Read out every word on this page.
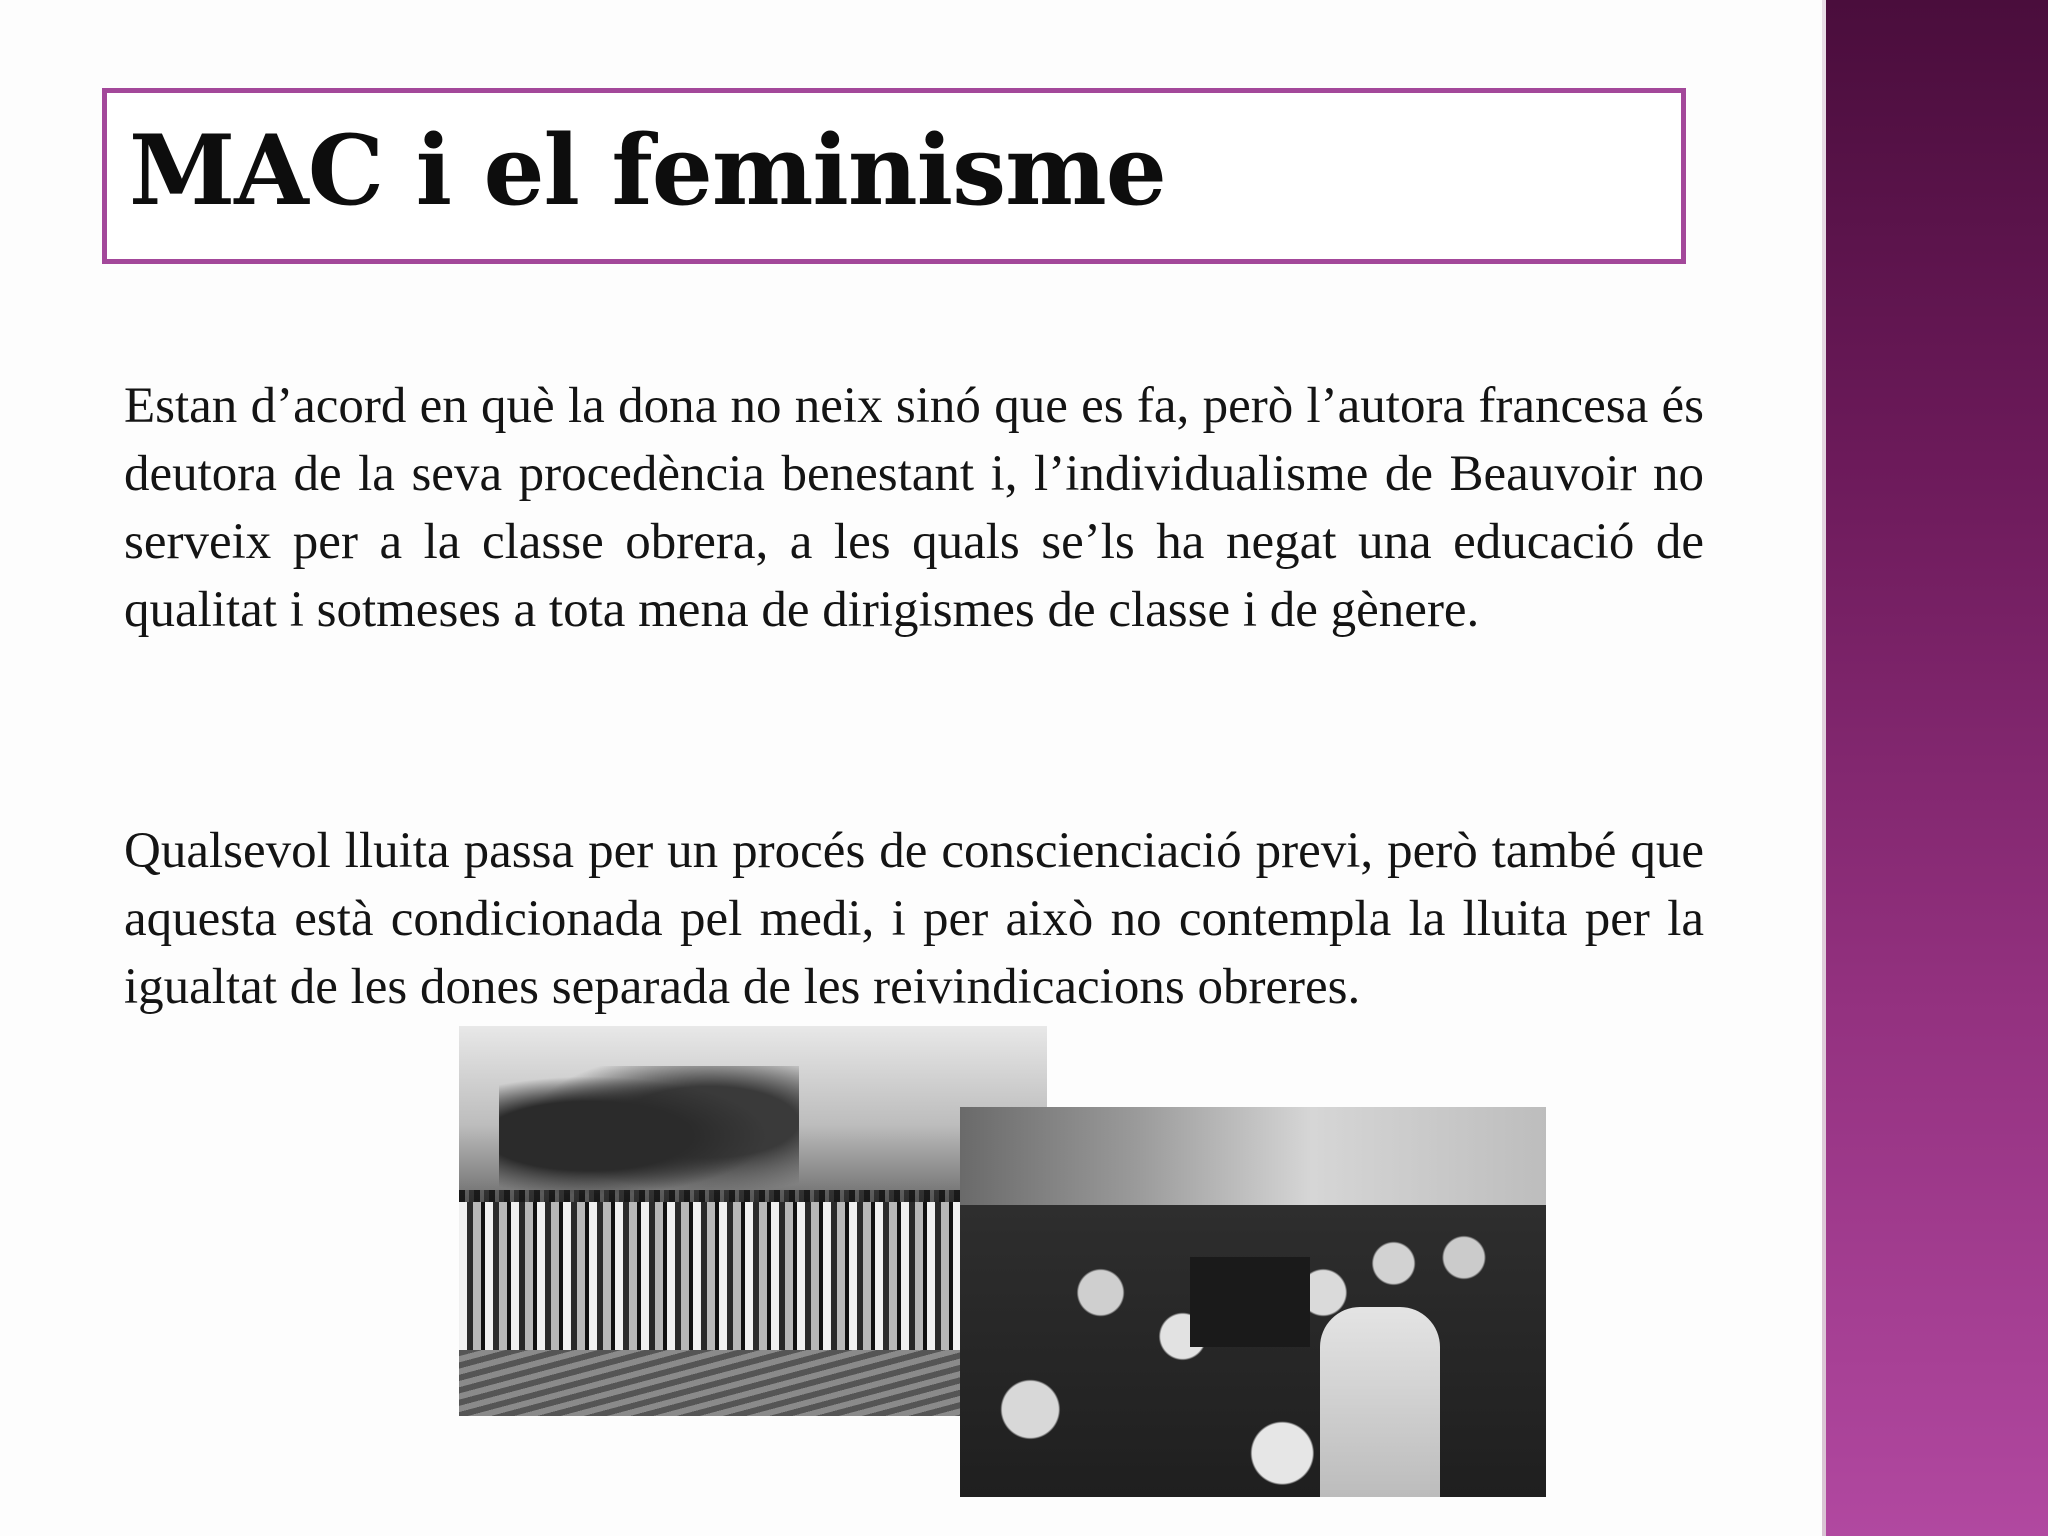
MAC i el feminisme

Estan d’acord en què la dona no neix sinó que es fa, però l’autora francesa és deutora de la seva procedència benestant i, l’individualisme de Beauvoir no serveix per a la classe obrera, a les quals se’ls ha negat una educació de qualitat i sotmeses a tota mena de dirigismes de classe i de gènere.

Qualsevol lluita passa per un procés de conscienciació previ, però també que aquesta està condicionada pel medi, i per això no contempla la lluita per la igualtat de les dones separada de les reivindicacions obreres.
